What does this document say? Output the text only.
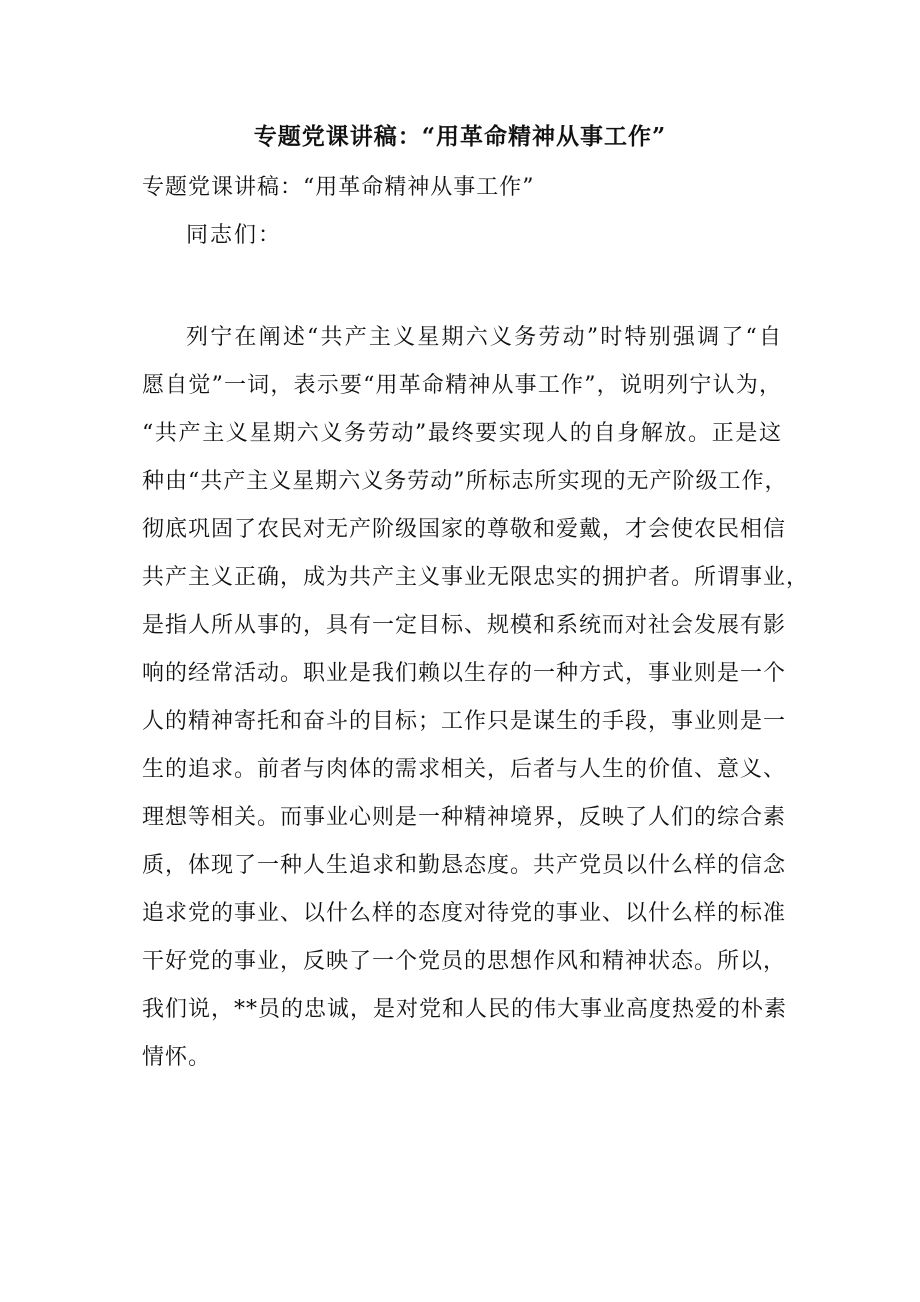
专题党课讲稿：“用革命精神从事工作”
专题党课讲稿：“用革命精神从事工作”
同志们：
列宁在阐述“共产主义星期六义务劳动”时特别强调了“自
愿自觉”一词，表示要“用革命精神从事工作”，说明列宁认为，
“共产主义星期六义务劳动”最终要实现人的自身解放。正是这
种由“共产主义星期六义务劳动”所标志所实现的无产阶级工作，
彻底巩固了农民对无产阶级国家的尊敬和爱戴，才会使农民相信
共产主义正确，成为共产主义事业无限忠实的拥护者。所谓事业，
是指人所从事的，具有一定目标、规模和系统而对社会发展有影
响的经常活动。职业是我们赖以生存的一种方式，事业则是一个
人的精神寄托和奋斗的目标；工作只是谋生的手段，事业则是一
生的追求。前者与肉体的需求相关，后者与人生的价值、意义、
理想等相关。而事业心则是一种精神境界，反映了人们的综合素
质，体现了一种人生追求和勤恳态度。共产党员以什么样的信念
追求党的事业、以什么样的态度对待党的事业、以什么样的标准
干好党的事业，反映了一个党员的思想作风和精神状态。所以，
我们说，**员的忠诚，是对党和人民的伟大事业高度热爱的朴素
情怀。
